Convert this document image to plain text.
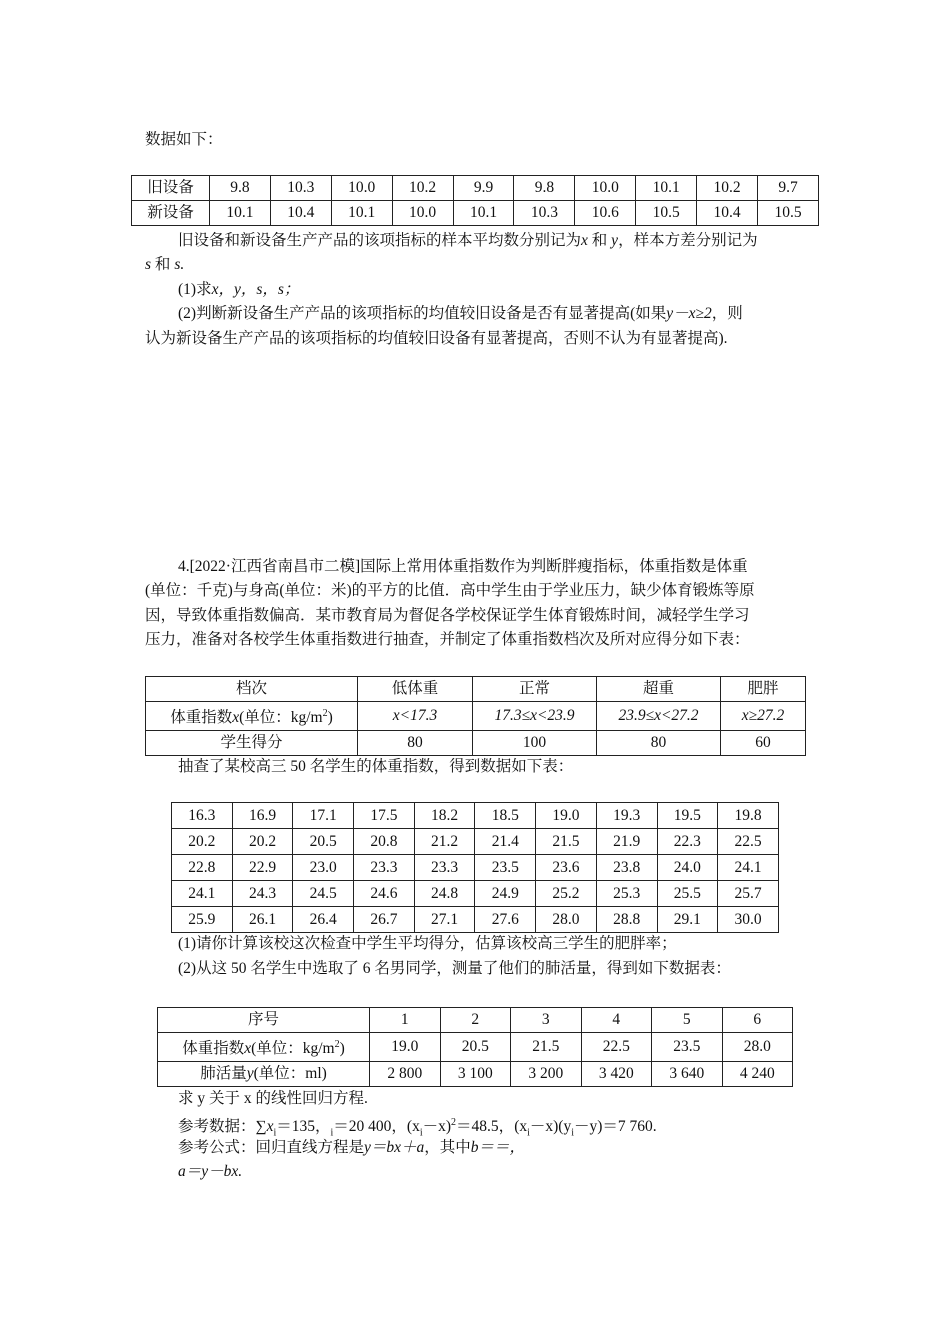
数据如下：
旧设备	9.8	10.3	10.0	10.2	9.9	9.8	10.0	10.1	10.2	9.7
新设备	10.1	10.4	10.1	10.0	10.1	10.3	10.6	10.5	10.4	10.5
旧设备和新设备生产产品的该项指标的样本平均数分别记为x 和 y，样本方差分别记为
s 和 s.
(1)求x，y，s，s；
(2)判断新设备生产产品的该项指标的均值较旧设备是否有显著提高(如果y－x≥2，则
认为新设备生产产品的该项指标的均值较旧设备有显著提高，否则不认为有显著提高).
4.[2022·江西省南昌市二模]国际上常用体重指数作为判断胖瘦指标，体重指数是体重
(单位：千克)与身高(单位：米)的平方的比值．高中学生由于学业压力，缺少体育锻炼等原
因，导致体重指数偏高．某市教育局为督促各学校保证学生体育锻炼时间，减轻学生学习
压力，准备对各校学生体重指数进行抽查，并制定了体重指数档次及所对应得分如下表：
档次	低体重	正常	超重	肥胖
体重指数x(单位：$kg/m^2$)	x<17.3	17.3≤x<23.9	23.9≤x<27.2	x≥27.2
学生得分	80	100	80	60
抽查了某校高三 50 名学生的体重指数，得到数据如下表：
16.3	16.9	17.1	17.5	18.2	18.5	19.0	19.3	19.5	19.8
20.2	20.2	20.5	20.8	21.2	21.4	21.5	21.9	22.3	22.5
22.8	22.9	23.0	23.3	23.3	23.5	23.6	23.8	24.0	24.1
24.1	24.3	24.5	24.6	24.8	24.9	25.2	25.3	25.5	25.7
25.9	26.1	26.4	26.7	27.1	27.6	28.0	28.8	29.1	30.0
(1)请你计算该校这次检查中学生平均得分，估算该校高三学生的肥胖率；
(2)从这 50 名学生中选取了 6 名男同学，测量了他们的肺活量，得到如下数据表：
序号	1	2	3	4	5	6
体重指数x(单位：$kg/m^2$)	19.0	20.5	21.5	22.5	23.5	28.0
肺活量y(单位：ml)	2 800	3 100	3 200	3 420	3 640	4 240
求 y 关于 x 的线性回归方程.
参考数据：$\sum x_i=135$，$_i$＝20 400，$(x_i-x)^2=48.5$，$(x_i-x)(y_i-y)=7$ 760.
参考公式：回归直线方程是y＝bx＋a，其中b＝＝，
a＝y－bx.
